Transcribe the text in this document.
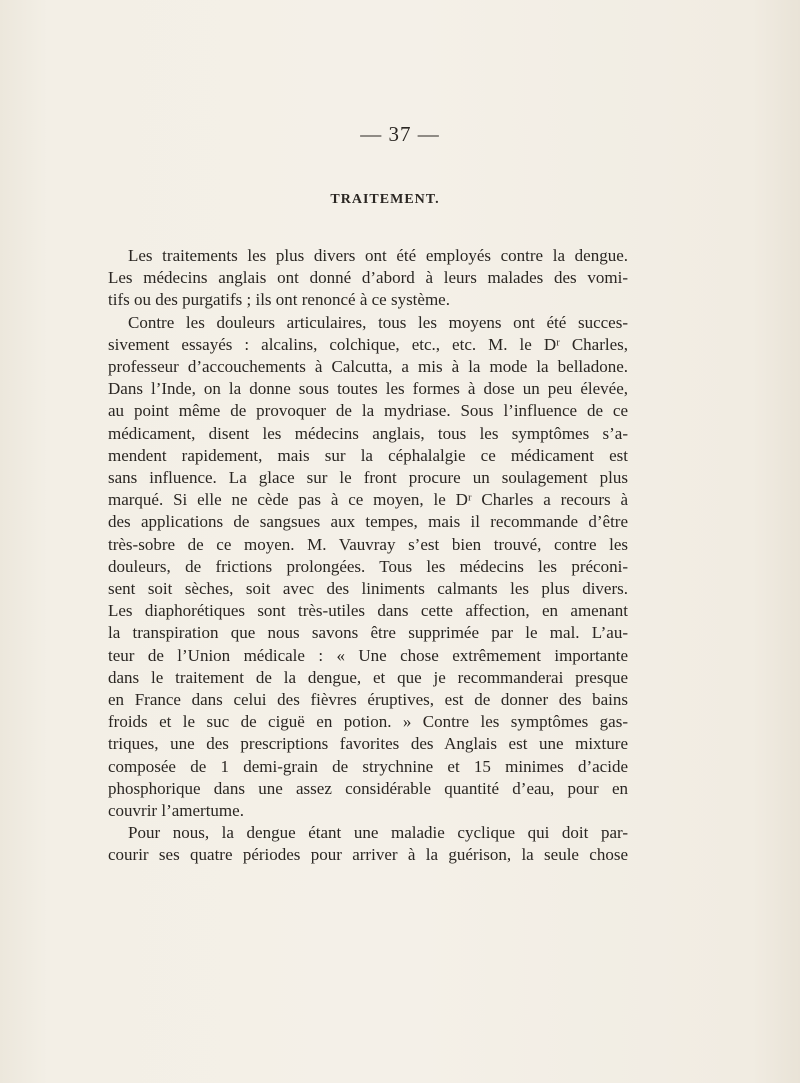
— 37 —
TRAITEMENT.
Les traitements les plus divers ont été employés contre la dengue.
Les médecins anglais ont donné d’abord à leurs malades des vomi-
tifs ou des purgatifs ; ils ont renoncé à ce système.
Contre les douleurs articulaires, tous les moyens ont été succes-
sivement essayés : alcalins, colchique, etc., etc. M. le Dʳ Charles,
professeur d’accouchements à Calcutta, a mis à la mode la belladone.
Dans l’Inde, on la donne sous toutes les formes à dose un peu élevée,
au point même de provoquer de la mydriase. Sous l’influence de ce
médicament, disent les médecins anglais, tous les symptômes s’a-
mendent rapidement, mais sur la céphalalgie ce médicament est
sans influence. La glace sur le front procure un soulagement plus
marqué. Si elle ne cède pas à ce moyen, le Dʳ Charles a recours à
des applications de sangsues aux tempes, mais il recommande d’être
très-sobre de ce moyen. M. Vauvray s’est bien trouvé, contre les
douleurs, de frictions prolongées. Tous les médecins les préconi-
sent soit sèches, soit avec des liniments calmants les plus divers.
Les diaphorétiques sont très-utiles dans cette affection, en amenant
la transpiration que nous savons être supprimée par le mal. L’au-
teur de l’Union médicale : « Une chose extrêmement importante
dans le traitement de la dengue, et que je recommanderai presque
en France dans celui des fièvres éruptives, est de donner des bains
froids et le suc de ciguë en potion. » Contre les symptômes gas-
triques, une des prescriptions favorites des Anglais est une mixture
composée de 1 demi-grain de strychnine et 15 minimes d’acide
phosphorique dans une assez considérable quantité d’eau, pour en
couvrir l’amertume.
Pour nous, la dengue étant une maladie cyclique qui doit par-
courir ses quatre périodes pour arriver à la guérison, la seule chose
